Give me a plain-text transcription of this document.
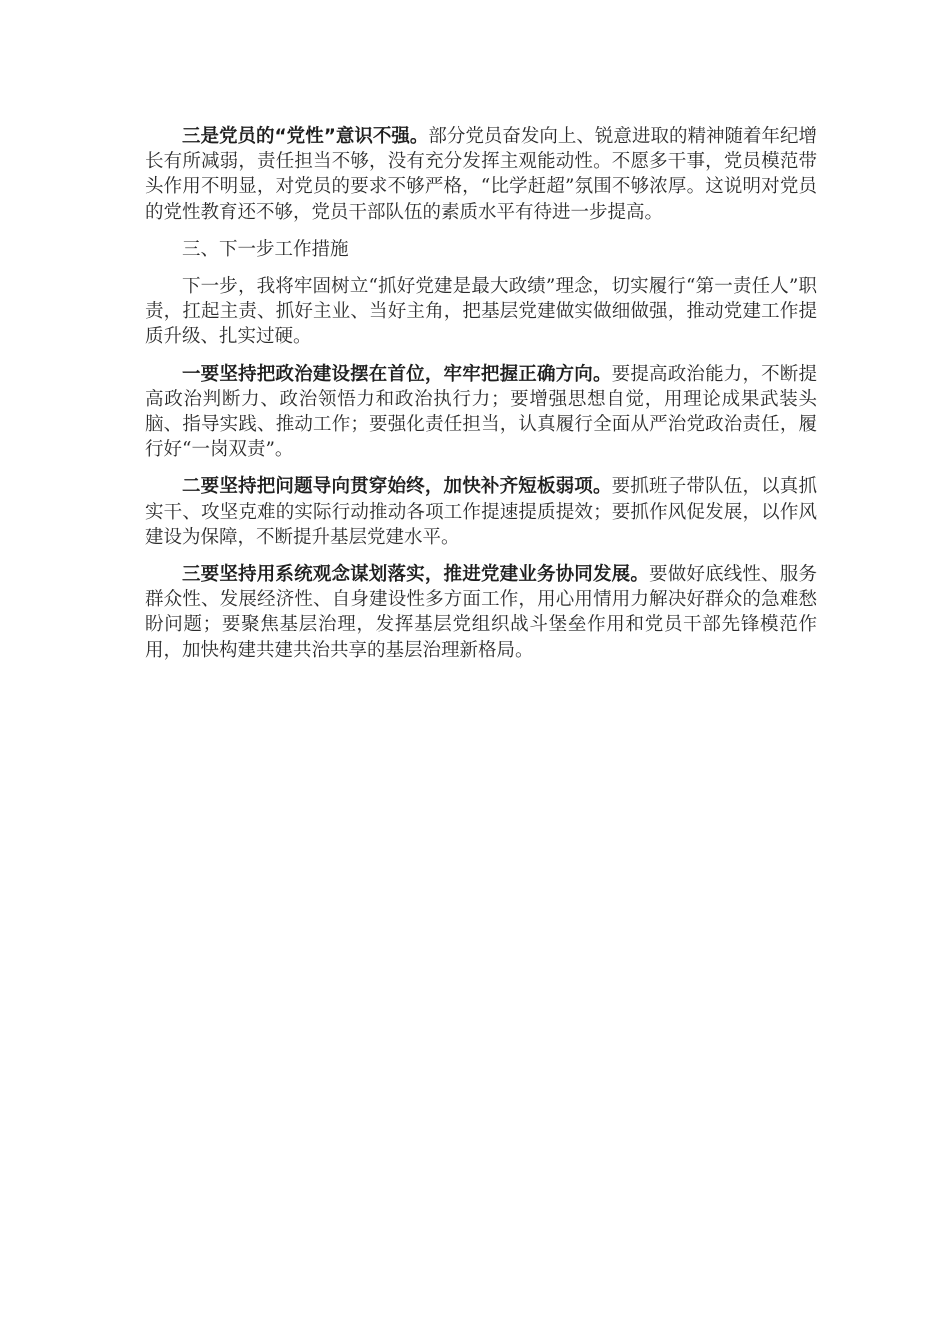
三是党员的“党性”意识不强。部分党员奋发向上、锐意进取的精神随着年纪增长有所减弱，责任担当不够，没有充分发挥主观能动性。不愿多干事，党员模范带头作用不明显，对党员的要求不够严格，“比学赶超”氛围不够浓厚。这说明对党员的党性教育还不够，党员干部队伍的素质水平有待进一步提高。

三、下一步工作措施

下一步，我将牢固树立“抓好党建是最大政绩”理念，切实履行“第一责任人”职责，扛起主责、抓好主业、当好主角，把基层党建做实做细做强，推动党建工作提质升级、扎实过硬。

一要坚持把政治建设摆在首位，牢牢把握正确方向。要提高政治能力，不断提高政治判断力、政治领悟力和政治执行力；要增强思想自觉，用理论成果武装头脑、指导实践、推动工作；要强化责任担当，认真履行全面从严治党政治责任，履行好“一岗双责”。

二要坚持把问题导向贯穿始终，加快补齐短板弱项。要抓班子带队伍，以真抓实干、攻坚克难的实际行动推动各项工作提速提质提效；要抓作风促发展，以作风建设为保障，不断提升基层党建水平。

三要坚持用系统观念谋划落实，推进党建业务协同发展。要做好底线性、服务群众性、发展经济性、自身建设性多方面工作，用心用情用力解决好群众的急难愁盼问题；要聚焦基层治理，发挥基层党组织战斗堡垒作用和党员干部先锋模范作用，加快构建共建共治共享的基层治理新格局。
